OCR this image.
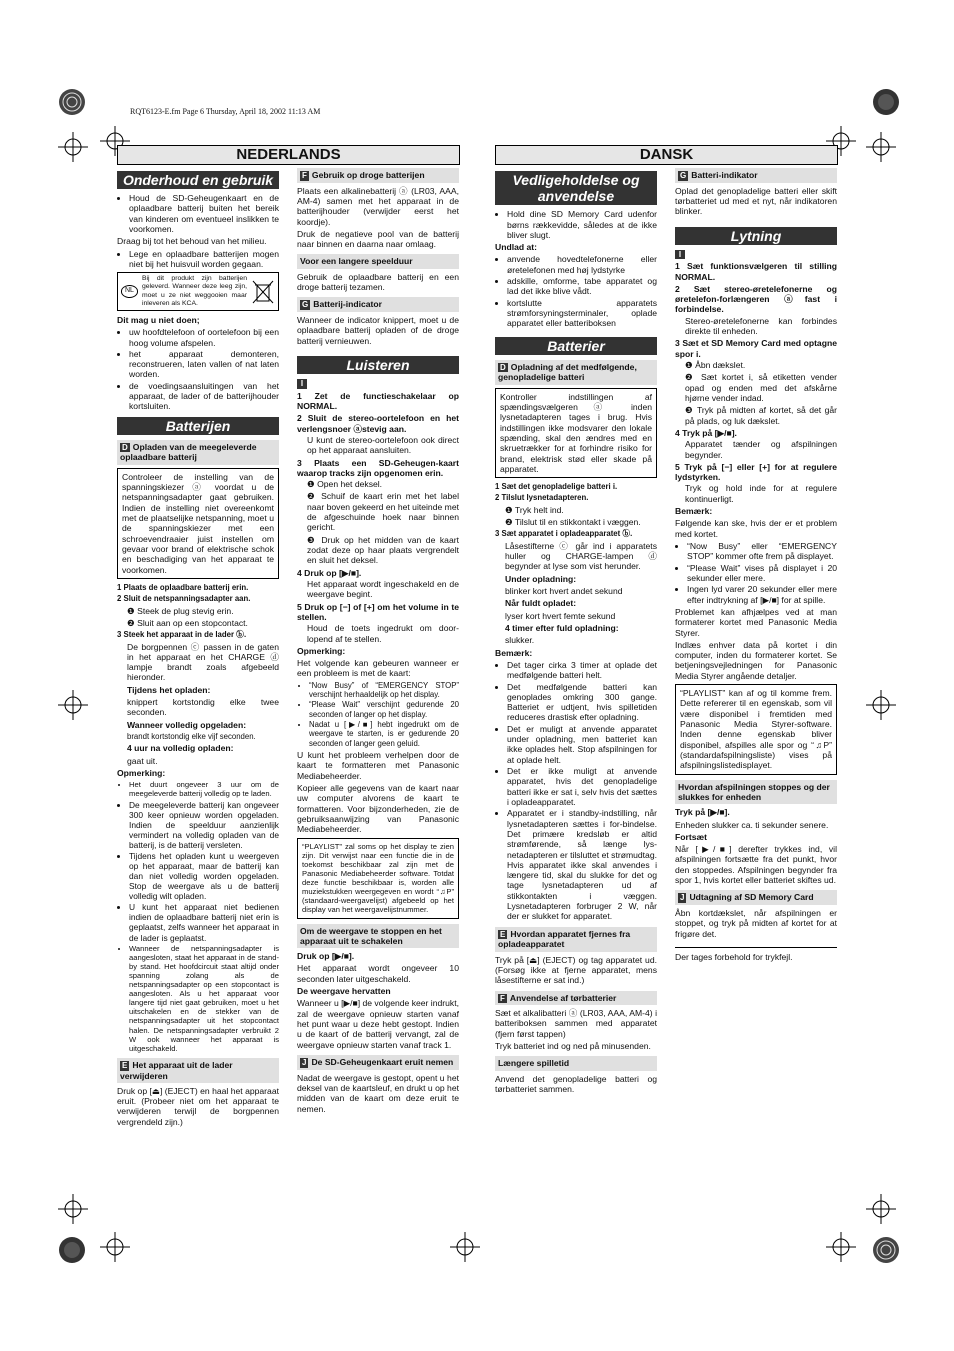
RQT6123-E.fm Page 6 Thursday, April 18, 2002 11:13 AM
NEDERLANDS	DANSK
Onderhoud en gebruik
• Houd de SD-Geheugenkaart en de oplaadbare batterij buiten het bereik van kinderen om eventueel inslikken te voorkomen.

Draag bij tot het behoud van het milieu.

• Lege en oplaadbare batterijen mogen niet bij het huisvuil worden gegaan.
NL
Bij dit produkt zijn batterijen geleverd. Wanneer deze leeg zijn, moet u ze niet weggooien maar inleveren als KCA.

Dit mag u niet doen;

• uw hoofdtelefoon of oortelefoon bij een hoog volume afspelen.
• het apparaat demonteren, reconstrueren, laten vallen of nat laten worden.
• de voedingsaansluitingen van het apparaat, de lader of de batterijhouder kortsluiten.
Batterijen
D Opladen van de meegeleverde oplaadbare batterij
Controleer de instelling van de spanningskiezer ⓐ voordat u de netspanningsadapter gaat gebruiken. Indien de instelling niet overeenkomt met de plaatselijke netspanning, moet u de spanningskiezer met een schroevendraaier juist instellen om gevaar voor brand of elektrische schok en beschadiging van het apparaat te voorkomen.

1 Plaats de oplaadbare batterij erin.

2 Sluit de netspanningsadapter aan.

❶ Steek de plug stevig erin.

❷ Sluit aan op een stopcontact.

3 Steek het apparaat in de lader ⓑ.

De borgpennen ⓒ passen in de gaten in het apparaat en het CHARGE ⓓ lampje brandt zoals afgebeeld hieronder.

Tijdens het opladen:

knippert kortstondig elke twee seconden.

Wanneer volledig opgeladen:

brandt kortstondig elke vijf seconden.

4 uur na volledig opladen:

gaat uit.

Opmerking:

• Het duurt ongeveer 3 uur om de meegeleverde batterij volledig op te laden.
• De meegeleverde batterij kan ongeveer 300 keer opnieuw worden opgeladen. Indien de speelduur aanzienlijk vermindert na volledig opladen van de batterij, is de batterij versleten.
• Tijdens het opladen kunt u weergeven op het apparaat, maar de batterij kan dan niet volledig worden opgeladen. Stop de weergave als u de batterij volledig wilt opladen.
• U kunt het apparaat niet bedienen indien de oplaadbare batterij niet erin is geplaatst, zelfs wanneer het apparaat in de lader is geplaatst.
• Wanneer de netspanningsadapter is aangesloten, staat het apparaat in de stand-by stand. Het hoofdcircuit staat altijd onder spanning zolang als de netspanningsadapter op een stopcontact is aangesloten. Als u het apparaat voor langere tijd niet gaat gebruiken, moet u het uitschakelen en de stekker van de netspanningsadapter uit het stopcontact halen. De netspanningsadapter verbruikt 2 W ook wanneer het apparaat is uitgeschakeld.
E Het apparaat uit de lader verwijderen

Druk op [⏏] (EJECT) en haal het apparaat eruit. (Probeer niet om het apparaat te verwijderen terwijl de borgpennen vergrendeld zijn.)

F Gebruik op droge batterijen

Plaats een alkalinebatterij ⓐ (LR03, AAA, AM-4) samen met het apparaat in de batterijhouder (verwijder eerst het koordje).

Druk de negatieve pool van de batterij naar binnen en daarna naar omlaag.

Voor een langere speelduur

Gebruik de oplaadbare batterij en een droge batterij tezamen.

G Batterij-indicator

Wanneer de indicator knippert, moet u de oplaadbare batterij opladen of de droge batterij vernieuwen.

Luisteren
I

1 Zet de functieschakelaar op NORMAL.

2 Sluit de stereo-oortelefoon en het verlengsnoer ⓐstevig aan.

U kunt de stereo-oortelefoon ook direct op het apparaat aansluiten.

3 Plaats een SD-Geheugen-kaart waarop tracks zijn opgenomen erin.

❶ Open het deksel.

❷ Schuif de kaart erin met het label naar boven gekeerd en het uiteinde met de afgeschuinde hoek naar binnen gericht.

❸ Druk op het midden van de kaart zodat deze op haar plaats vergrendelt en sluit het deksel.

4 Druk op [▶/■].

Het apparaat wordt ingeschakeld en de weergave begint.

5 Druk op [−] of [+] om het volume in te stellen.

Houd de toets ingedrukt om door-lopend af te stellen.

Opmerking:

Het volgende kan gebeuren wanneer er een probleem is met de kaart:

• “Now Busy” of “EMERGENCY STOP” verschijnt herhaaldelijk op het display.
• “Please Wait” verschijnt gedurende 20 seconden of langer op het display.
• Nadat u [▶/■] hebt ingedrukt om de weergave te starten, is er gedurende 20 seconden of langer geen geluid.

U kunt het probleem verhelpen door de kaart te formatteren met Panasonic Mediabeheerder.

Kopieer alle gegevens van de kaart naar uw computer alvorens de kaart te formatteren. Voor bijzonderheden, zie de gebruiksaanwijzing van Panasonic Mediabeheerder.

“PLAYLIST” zal soms op het display te zien zijn. Dit verwijst naar een functie die in de toekomst beschikbaar zal zijn met de Panasonic Mediabeheerder software. Totdat deze functie beschikbaar is, worden alle muziekstukken weergegeven en wordt “♫P” (standaard-weergavelijst) afgebeeld op het display van het weergavelijstnummer.
Om de weergave te stoppen en het apparaat uit te schakelen

Druk op [▶/■].

Het apparaat wordt ongeveer 10 seconden later uitgeschakeld.

De weergave hervatten

Wanneer u [▶/■] de volgende keer indrukt, zal de weergave opnieuw starten vanaf het punt waar u deze hebt gestopt. Indien u de kaart of de batterij vervangt, zal de weergave opnieuw starten vanaf track 1.

J De SD-Geheugenkaart eruit nemen

Nadat de weergave is gestopt, opent u het deksel van de kaartsleuf, en drukt u op het midden van de kaart om deze eruit te nemen.

Vedligeholdelse og anvendelse
• Hold dine SD Memory Card udenfor børns rækkevidde, således at de ikke bliver slugt.

Undlad at:

• anvende hovedtelefonerne eller øretelefonen med høj lydstyrke
• adskille, omforme, tabe apparatet og lad det ikke blive vådt.
• kortslutte apparatets strømforsyningsterminaler, oplade apparatet eller batteriboksen
Batterier
D Opladning af det medfølgende, genopladelige batteri
Kontroller indstillingen af spændingsvælgeren ⓐ inden lysnetadapteren tages i brug. Hvis indstillingen ikke modsvarer den lokale spænding, skal den ændres med en skruetrækker for at forhindre risiko for brand, elektrisk stød eller skade på apparatet.

1 Sæt det genopladelige batteri i.

2 Tilslut lysnetadapteren.

❶ Tryk helt ind.

❷ Tilslut til en stikkontakt i væggen.

3 Sæt apparatet i opladeapparatet ⓑ.

Låsestifterne ⓒ går ind i apparatets huller og CHARGE-lampen ⓓ begynder at lyse som vist herunder.

Under opladning:

blinker kort hvert andet sekund

Når fuldt opladet:

lyser kort hvert femte sekund

4 timer efter fuld opladning:

slukker.

Bemærk:

• Det tager cirka 3 timer at oplade det medfølgende batteri helt.
• Det medfølgende batteri kan genoplades omkring 300 gange. Batteriet er udtjent, hvis spilletiden reduceres drastisk efter opladning.
• Det er muligt at anvende apparatet under opladning, men batteriet kan ikke oplades helt. Stop afspilningen for at oplade helt.
• Det er ikke muligt at anvende apparatet, hvis det genopladelige batteri ikke er sat i, selv hvis det sættes i opladeapparatet.
• Apparatet er i standby-indstilling, når lysnetadapteren sættes i for-bindelse. Det primære kredsløb er altid strømførende, så længe lys-netadapteren er tilsluttet et strømudtag. Hvis apparatet ikke skal anvendes i længere tid, skal du slukke for det og tage lysnetadapteren ud af stikkontakten i væggen. Lysnetadapteren forbruger 2 W, når der er slukket for apparatet.
E Hvordan apparatet fjernes fra opladeapparatet

Tryk på [⏏] (EJECT) og tag apparatet ud. (Forsøg ikke at fjerne apparatet, mens låsestifterne er sat ind.)

F Anvendelse af tørbatterier

Sæt et alkalibatteri ⓐ (LR03, AAA, AM-4) i batteriboksen sammen med apparatet (fjern først tappen)

Tryk batteriet ind og ned på minusenden.

Længere spilletid

Anvend det genopladelige batteri og tørbatteriet sammen.

G Batteri-indikator

Oplad det genopladelige batteri eller skift tørbatteriet ud med et nyt, når indikatoren blinker.

Lytning
I

1 Sæt funktionsvælgeren til stilling NORMAL.

2 Sæt stereo-øretelefonerne og øretelefon-forlængeren ⓐfast i forbindelse.

Stereo-øretelefonerne kan forbindes direkte til enheden.

3 Sæt et SD Memory Card med optagne spor i.

❶ Åbn dækslet.

❷ Sæt kortet i, så etiketten vender opad og enden med det afskårne hjørne vender indad.

❸ Tryk på midten af kortet, så det går på plads, og luk dækslet.

4 Tryk på [▶/■].

Apparatet tænder og afspilningen begynder.

5 Tryk på [−] eller [+] for at regulere lydstyrken.

Tryk og hold inde for at regulere kontinuerligt.

Bemærk:

Følgende kan ske, hvis der er et problem med kortet.

• “Now Busy” eller “EMERGENCY STOP” kommer ofte frem på displayet.
• “Please Wait” vises på displayet i 20 sekunder eller mere.
• Ingen lyd varer 20 sekunder eller mere efter indtrykning af [▶/■] for at spille.

Problemet kan afhjælpes ved at man formaterer kortet med Panasonic Media Styrer.

Indlæs enhver data på kortet i din computer, inden du formaterer kortet. Se betjeningsvejledningen for Panasonic Media Styrer angående detaljer.

“PLAYLIST” kan af og til komme frem. Dette refererer til en egenskab, som vil være disponibel i fremtiden med Panasonic Media Styrer-software. Inden denne egenskab bliver disponibel, afspilles alle spor og “♫P” (standardafspilningsliste) vises på afspilningslistedisplayet.
Hvordan afspilningen stoppes og der slukkes for enheden

Tryk på [▶/■].

Enheden slukker ca. ti sekunder senere.

Fortsæt

Når [▶/■] derefter trykkes ind, vil afspilningen fortsætte fra det punkt, hvor den stoppedes. Afspilningen begynder fra spor 1, hvis kortet eller batteriet skiftes ud.

J Udtagning af SD Memory Card

Åbn kortdækslet, når afspilningen er stoppet, og tryk på midten af kortet for at frigøre det.

Der tages forbehold for trykfejl.
